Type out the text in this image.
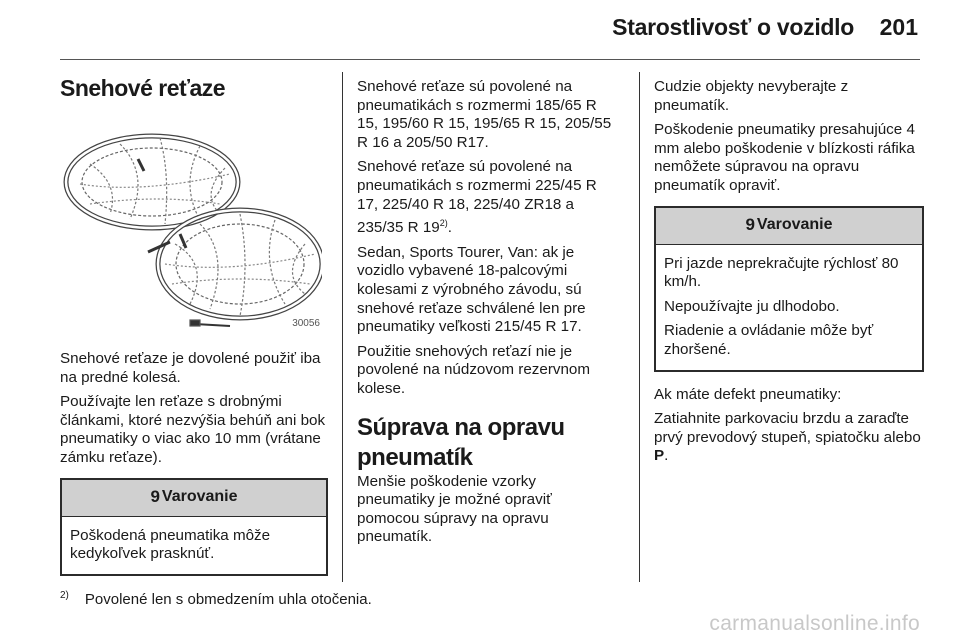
Starostlivosť o vozidlo 201
Snehové reťaze
30056

Snehové reťaze je dovolené použiť iba na predné kolesá.

Používajte len reťaze s drobnými článkami, ktoré nezvýšia behúň ani bok pneumatiky o viac ako 10 mm (vrátane zámku reťaze).

9 Varovanie

Poškodená pneumatika môže kedykoľvek prasknúť.

Snehové reťaze sú povolené na pneumatikách s rozmermi 185/65 R 15, 195/60 R 15, 195/65 R 15, 205/55 R 16 a 205/50 R17.

Snehové reťaze sú povolené na pneumatikách s rozmermi 225/45 R 17, 225/40 R 18, 225/40 ZR18 a 235/35 R 19$^{2)}$.

Sedan, Sports Tourer, Van: ak je vozidlo vybavené 18-palcovými kolesami z výrobného závodu, sú snehové reťaze schválené len pre pneumatiky veľkosti 215/45 R 17.

Použitie snehových reťazí nie je povolené na núdzovom rezervnom kolese.

Súprava na opravu pneumatík

Menšie poškodenie vzorky pneumatiky je možné opraviť pomocou súpravy na opravu pneumatík.

Cudzie objekty nevyberajte z pneumatík.

Poškodenie pneumatiky presahujúce 4 mm alebo poškodenie v blízkosti ráfika nemôžete súpravou na opravu pneumatík opraviť.

9 Varovanie

Pri jazde neprekračujte rýchlosť 80 km/h.

Nepoužívajte ju dlhodobo.

Riadenie a ovládanie môže byť zhoršené.

Ak máte defekt pneumatiky:

Zatiahnite parkovaciu brzdu a zaraďte prvý prevodový stupeň, spiatočku alebo P.

$^{2)}$ Povolené len s obmedzením uhla otočenia.
carmanualsonline.info
